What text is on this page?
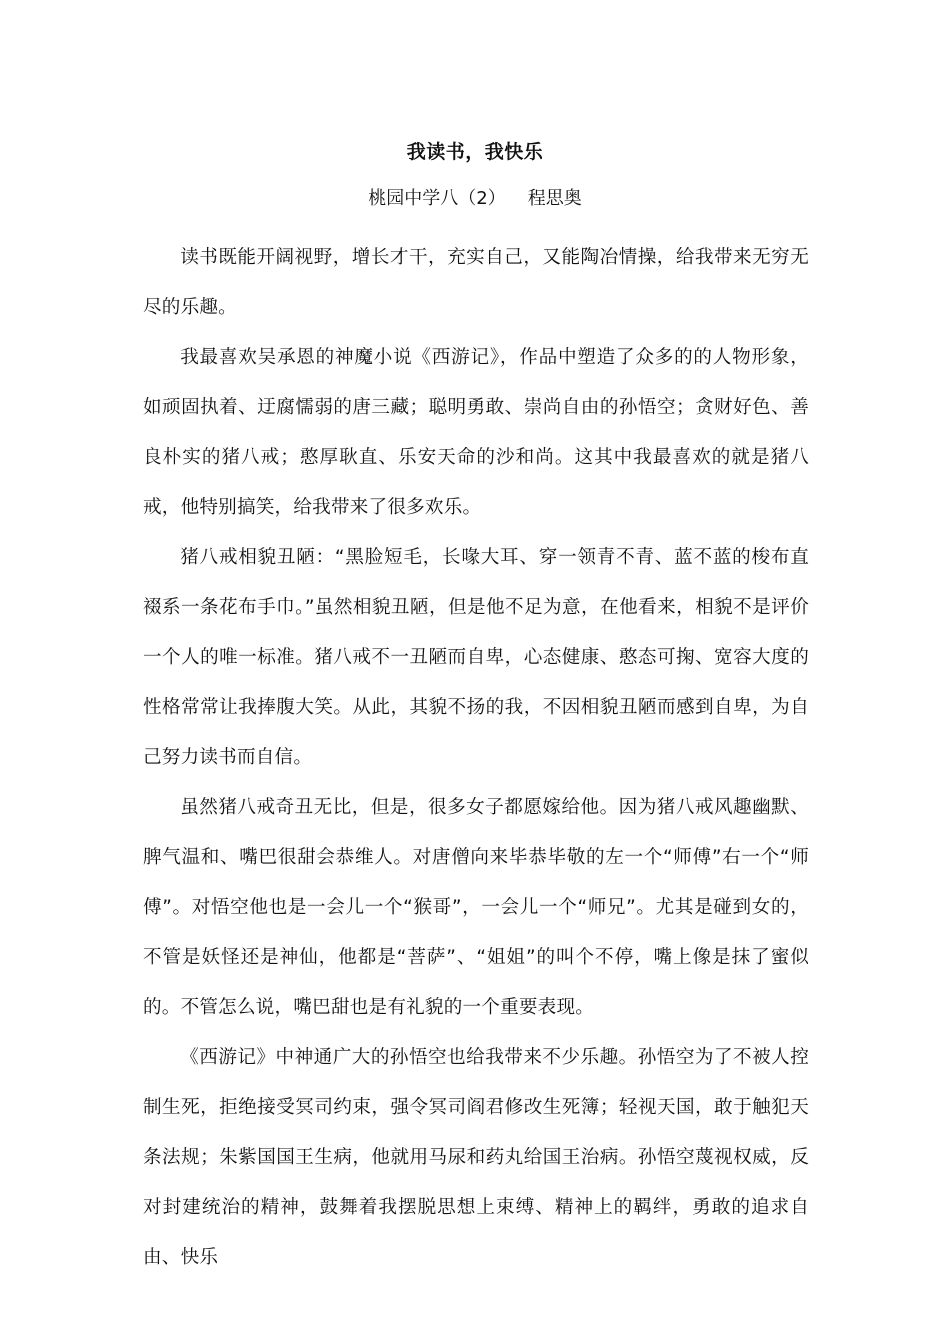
我读书，我快乐
桃园中学八（2） 程思奥

读书既能开阔视野，增长才干，充实自己，又能陶冶情操，给我带来无穷无尽的乐趣。

我最喜欢吴承恩的神魔小说《西游记》，作品中塑造了众多的的人物形象，如顽固执着、迂腐懦弱的唐三藏；聪明勇敢、崇尚自由的孙悟空；贪财好色、善良朴实的猪八戒；憨厚耿直、乐安天命的沙和尚。这其中我最喜欢的就是猪八戒，他特别搞笑，给我带来了很多欢乐。

猪八戒相貌丑陋：“黑脸短毛，长喙大耳、穿一领青不青、蓝不蓝的梭布直裰系一条花布手巾。”虽然相貌丑陋，但是他不足为意，在他看来，相貌不是评价一个人的唯一标准。猪八戒不一丑陋而自卑，心态健康、憨态可掬、宽容大度的性格常常让我捧腹大笑。从此，其貌不扬的我，不因相貌丑陋而感到自卑，为自己努力读书而自信。

虽然猪八戒奇丑无比，但是，很多女子都愿嫁给他。因为猪八戒风趣幽默、脾气温和、嘴巴很甜会恭维人。对唐僧向来毕恭毕敬的左一个“师傅”右一个“师傅”。对悟空他也是一会儿一个“猴哥”，一会儿一个“师兄”。尤其是碰到女的，不管是妖怪还是神仙，他都是“菩萨”、“姐姐”的叫个不停，嘴上像是抹了蜜似的。不管怎么说，嘴巴甜也是有礼貌的一个重要表现。

《西游记》中神通广大的孙悟空也给我带来不少乐趣。孙悟空为了不被人控制生死，拒绝接受冥司约束，强令冥司阎君修改生死簿；轻视天国，敢于触犯天条法规；朱紫国国王生病，他就用马尿和药丸给国王治病。孙悟空蔑视权威，反对封建统治的精神，鼓舞着我摆脱思想上束缚、精神上的羁绊，勇敢的追求自由、快乐
